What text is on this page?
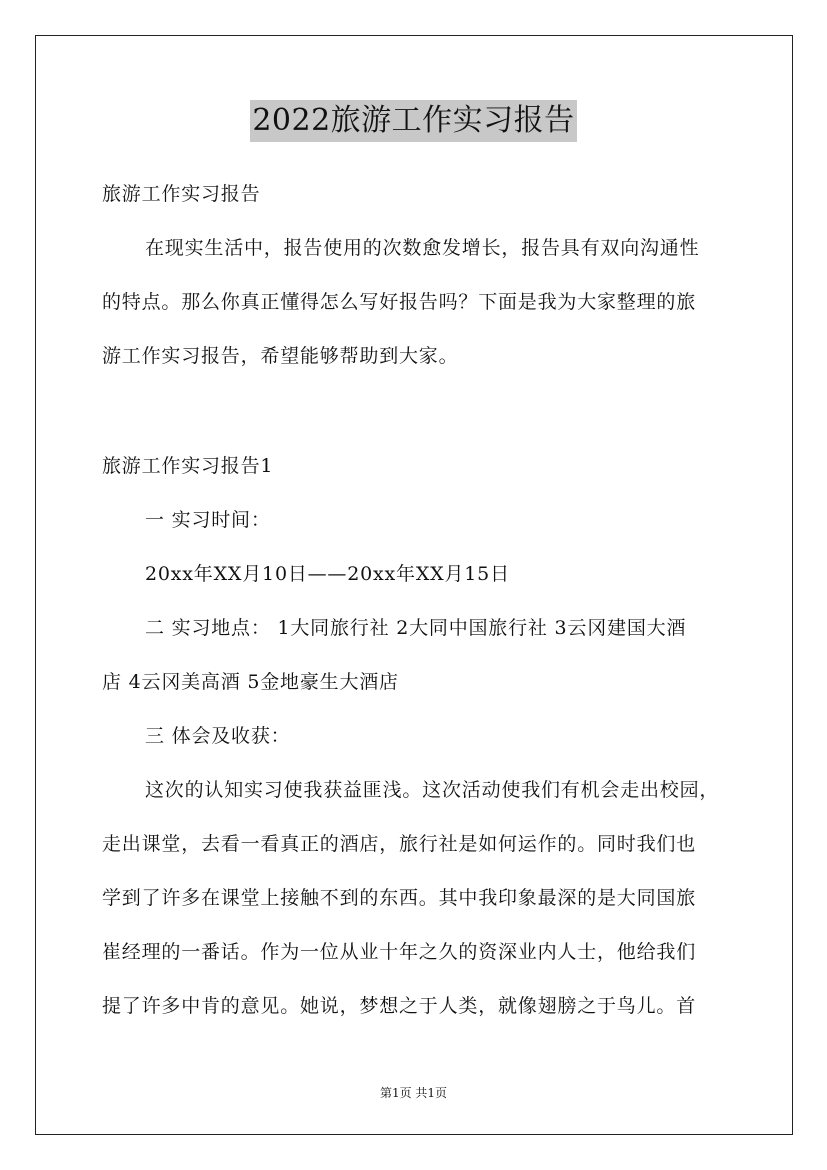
2022旅游工作实习报告
旅游工作实习报告
在现实生活中，报告使用的次数愈发增长，报告具有双向沟通性
的特点。那么你真正懂得怎么写好报告吗？下面是我为大家整理的旅
游工作实习报告，希望能够帮助到大家。
旅游工作实习报告1
一 实习时间：
20xx年XX月10日——20xx年XX月15日
二 实习地点： 1大同旅行社 2大同中国旅行社 3云冈建国大酒
店 4云冈美高酒 5金地豪生大酒店
三 体会及收获：
这次的认知实习使我获益匪浅。这次活动使我们有机会走出校园，
走出课堂，去看一看真正的酒店，旅行社是如何运作的。同时我们也
学到了许多在课堂上接触不到的东西。其中我印象最深的是大同国旅
崔经理的一番话。作为一位从业十年之久的资深业内人士，他给我们
提了许多中肯的意见。她说，梦想之于人类，就像翅膀之于鸟儿。首
第1页 共1页
